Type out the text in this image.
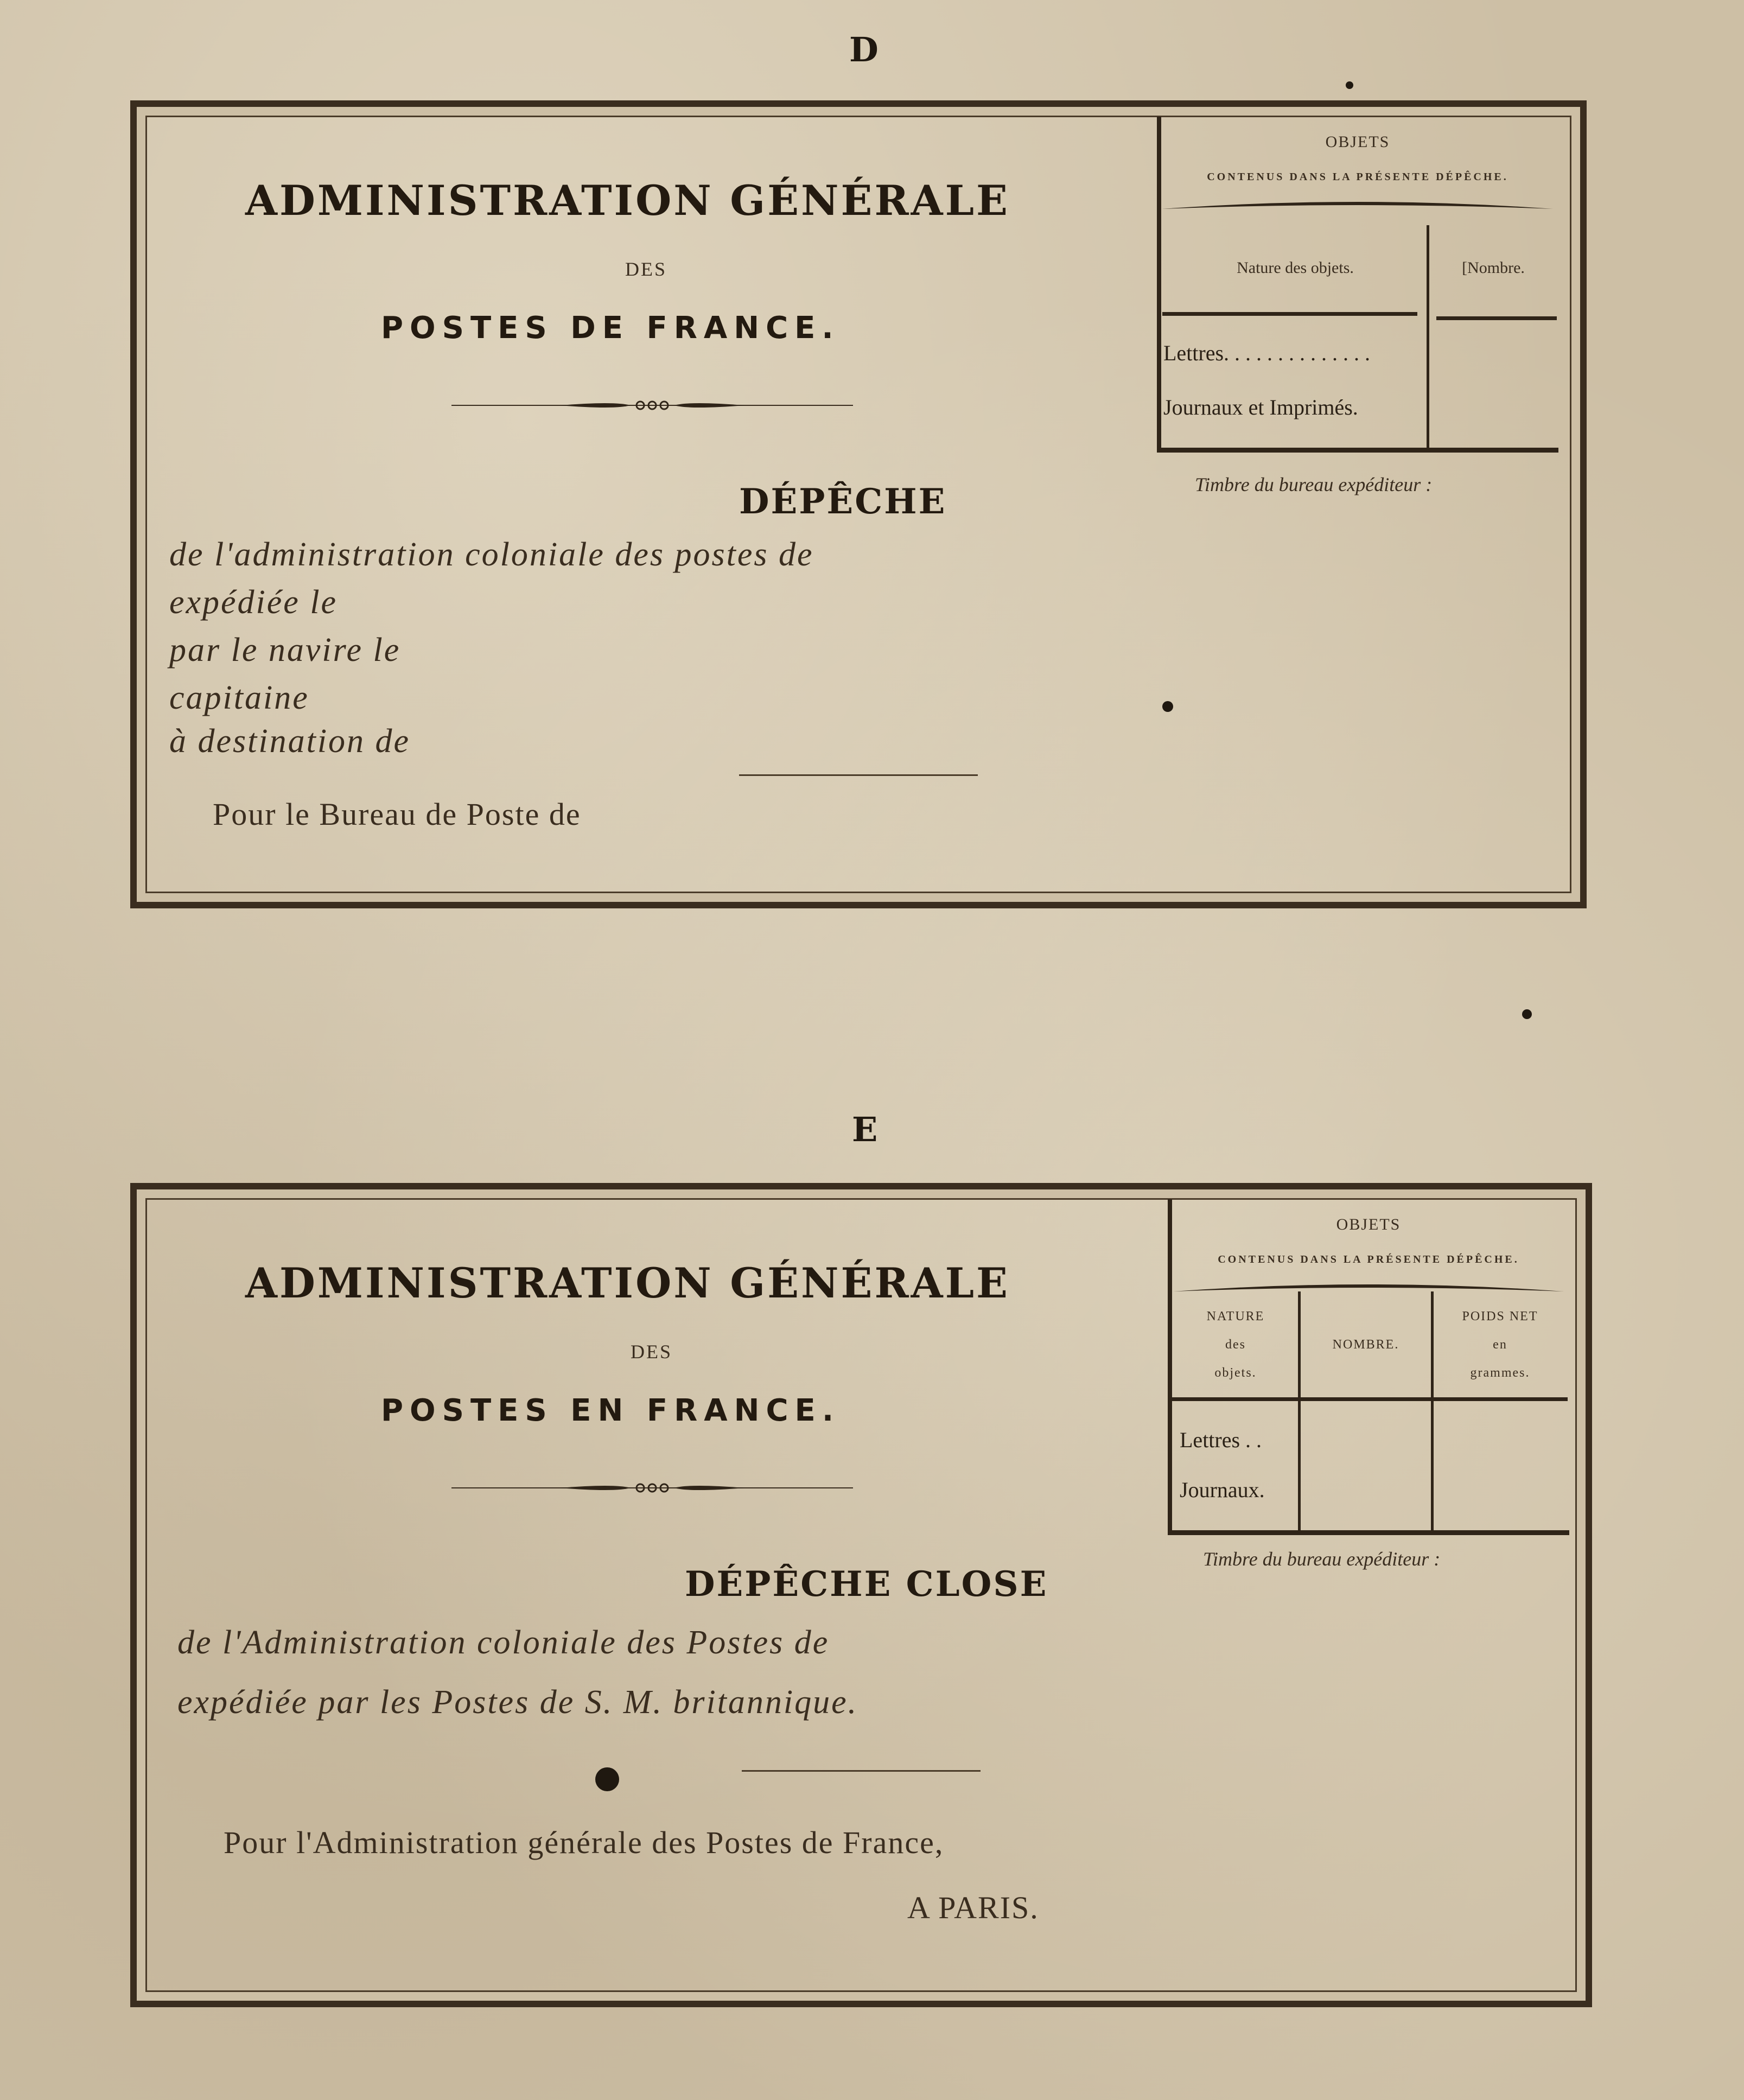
D
ADMINISTRATION GÉNÉRALE
DES
POSTES DE FRANCE.
DÉPÊCHE
de l'administration coloniale des postes de
expédiée le
par le navire le
capitaine
à destination de
Pour le Bureau de Poste de
OBJETS
CONTENUS DANS LA PRÉSENTE DÉPÊCHE.
Nature des objets.	[Nombre.
Lettres. . . . . . . . . . . . . .
Journaux et Imprimés.
Timbre du bureau expéditeur :
E
ADMINISTRATION GÉNÉRALE
DES
POSTES EN FRANCE.
DÉPÊCHE CLOSE
de l'Administration coloniale des Postes de
expédiée par les Postes de S. M. britannique.
Pour l'Administration générale des Postes de France,
A PARIS.
OBJETS
CONTENUS DANS LA PRÉSENTE DÉPÊCHE.
NATURE
des
objets.
NOMBRE.
POIDS NET
en
grammes.
Lettres . .
Journaux.
Timbre du bureau expéditeur :
